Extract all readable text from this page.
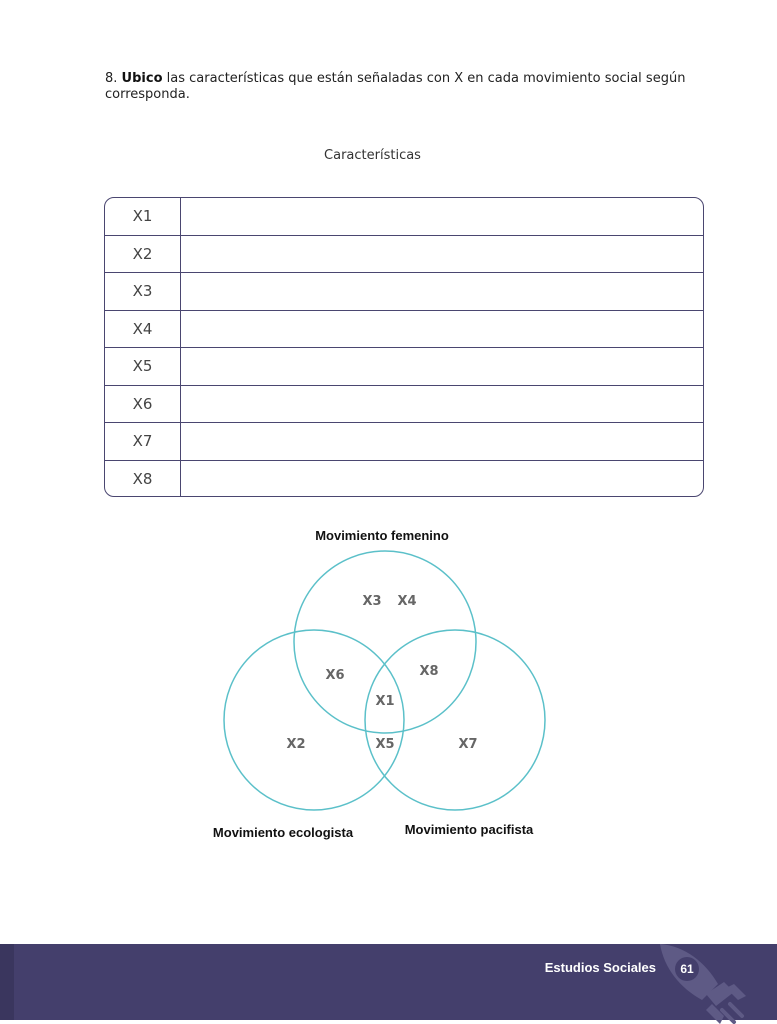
8. Ubico las características que están señaladas con X en cada movimiento social según corresponda.
Características
X1
X2
X3
X4
X5
X6
X7
X8
Movimiento femenino
Movimiento ecologista	Movimiento pacifista
X3 X4
X6	X8
X1
X2	X5	X7
Estudios Sociales	61
